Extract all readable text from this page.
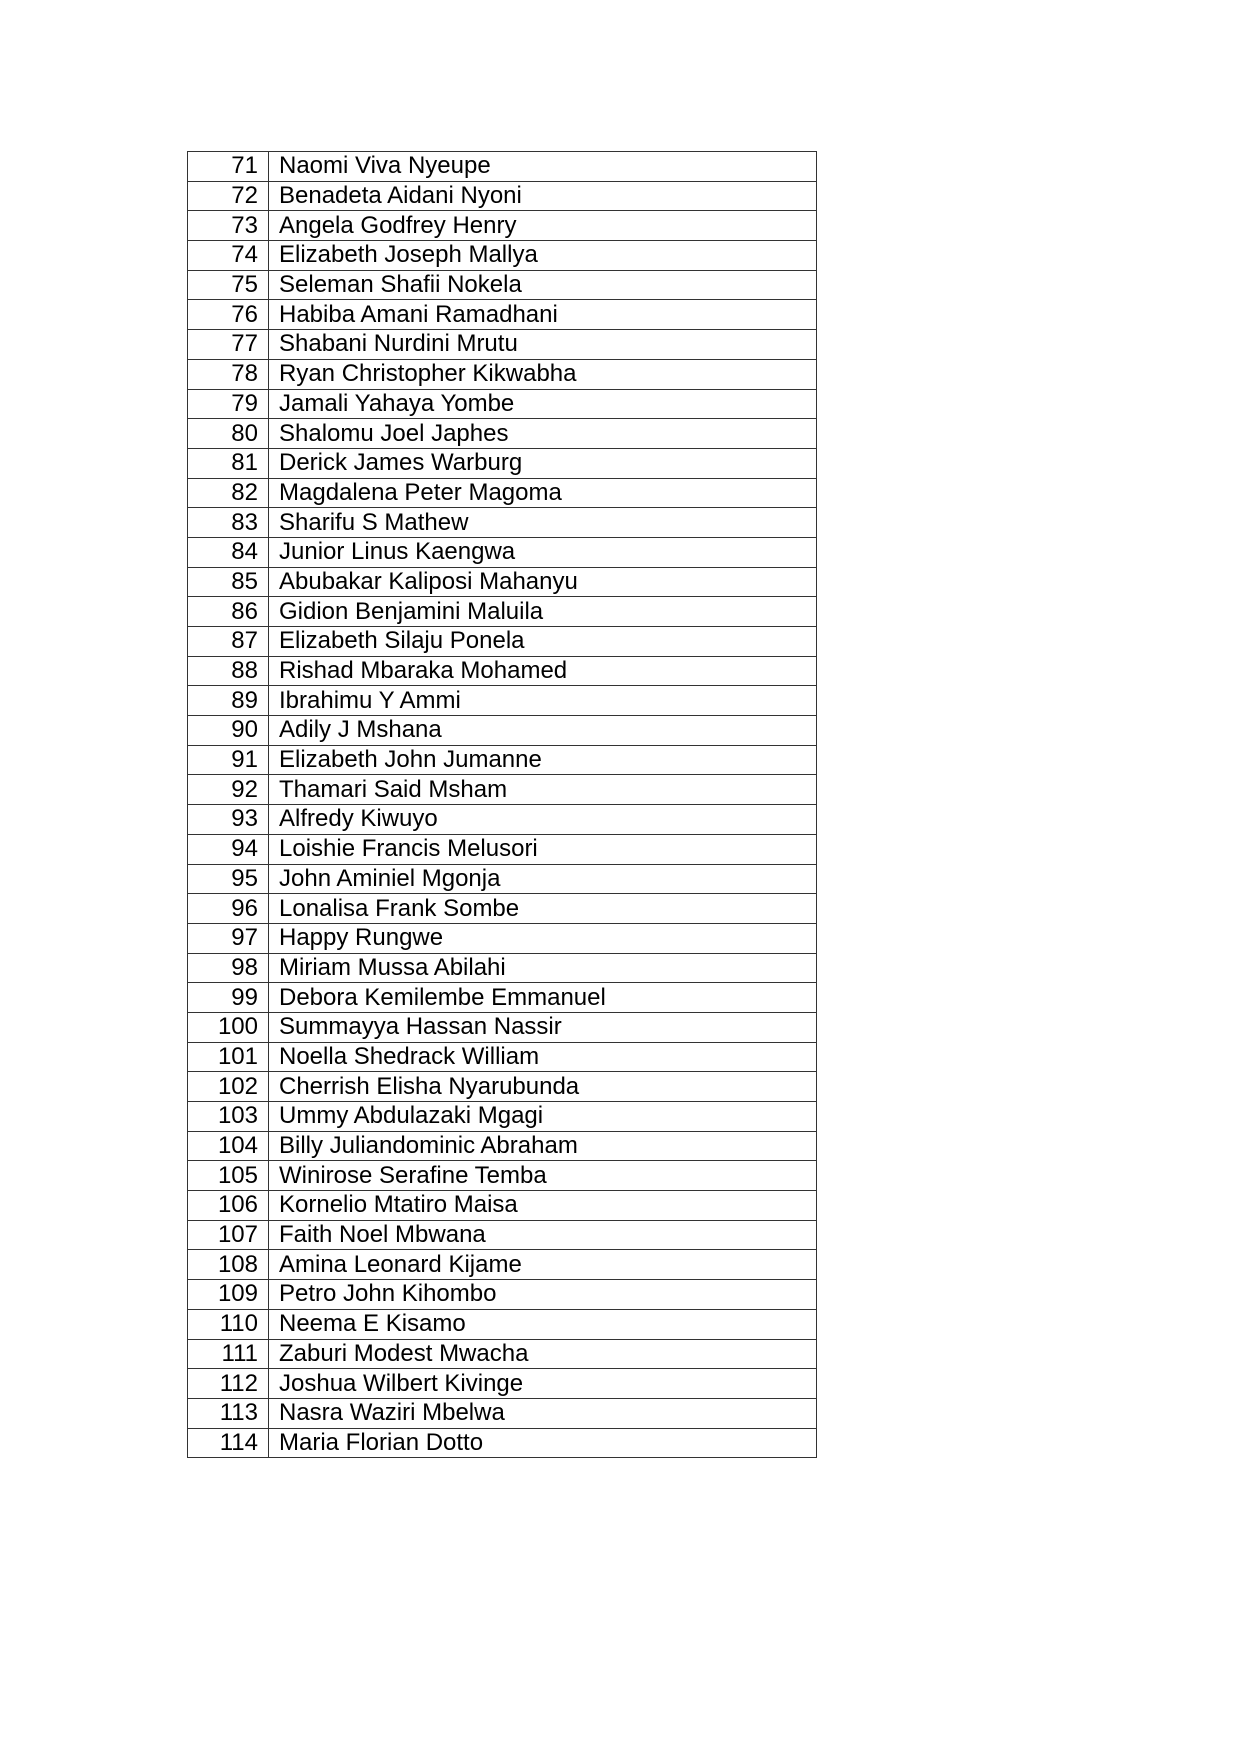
71	Naomi Viva Nyeupe
72	Benadeta Aidani Nyoni
73	Angela Godfrey Henry
74	Elizabeth Joseph Mallya
75	Seleman Shafii Nokela
76	Habiba Amani Ramadhani
77	Shabani Nurdini Mrutu
78	Ryan Christopher Kikwabha
79	Jamali Yahaya Yombe
80	Shalomu Joel Japhes
81	Derick James Warburg
82	Magdalena Peter Magoma
83	Sharifu S Mathew
84	Junior Linus Kaengwa
85	Abubakar Kaliposi Mahanyu
86	Gidion Benjamini Maluila
87	Elizabeth Silaju Ponela
88	Rishad Mbaraka Mohamed
89	Ibrahimu Y Ammi
90	Adily J Mshana
91	Elizabeth John Jumanne
92	Thamari Said Msham
93	Alfredy Kiwuyo
94	Loishie Francis Melusori
95	John Aminiel Mgonja
96	Lonalisa Frank Sombe
97	Happy Rungwe
98	Miriam Mussa Abilahi
99	Debora Kemilembe Emmanuel
100	Summayya Hassan Nassir
101	Noella Shedrack William
102	Cherrish Elisha Nyarubunda
103	Ummy Abdulazaki Mgagi
104	Billy Juliandominic Abraham
105	Winirose Serafine Temba
106	Kornelio Mtatiro Maisa
107	Faith Noel Mbwana
108	Amina Leonard Kijame
109	Petro John Kihombo
110	Neema E Kisamo
111	Zaburi Modest Mwacha
112	Joshua Wilbert Kivinge
113	Nasra Waziri Mbelwa
114	Maria Florian Dotto
